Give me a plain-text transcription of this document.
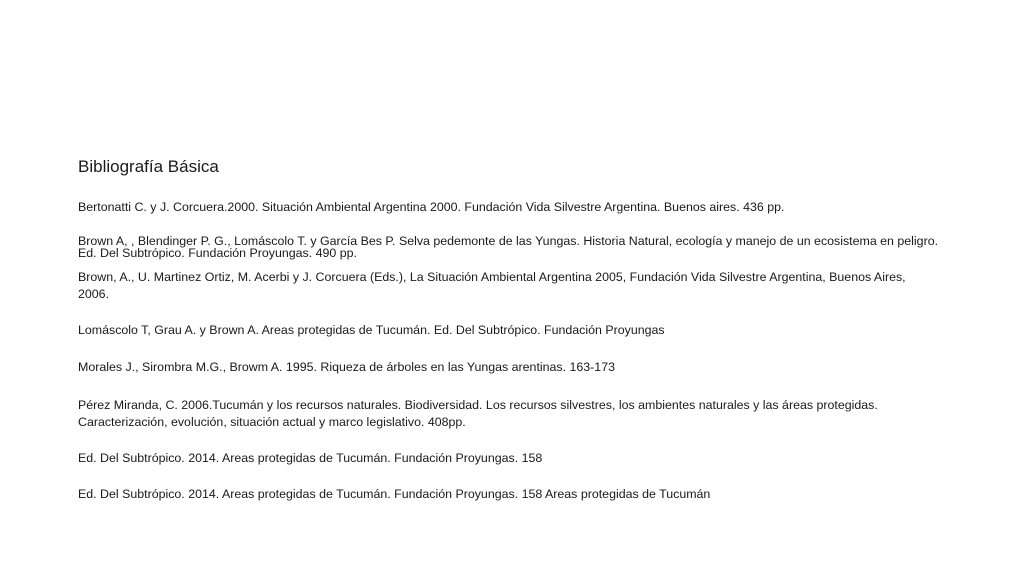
Bibliografía Básica
Bertonatti C. y J. Corcuera.2000. Situación Ambiental Argentina 2000. Fundación Vida Silvestre Argentina. Buenos aires. 436 pp.
Brown A, , Blendinger P. G., Lomáscolo T. y García Bes P. Selva pedemonte de las Yungas. Historia Natural, ecología y manejo de un ecosistema en peligro.
Ed. Del Subtrópico. Fundación Proyungas. 490 pp.
Brown, A., U. Martinez Ortiz, M. Acerbi y J. Corcuera (Eds.), La Situación Ambiental Argentina 2005, Fundación Vida Silvestre Argentina, Buenos Aires,
2006.
Lomáscolo T, Grau A. y Brown A. Areas protegidas de Tucumán. Ed. Del Subtrópico. Fundación Proyungas
Morales J., Sirombra M.G., Browm A. 1995. Riqueza de árboles en las Yungas arentinas. 163-173
Pérez Miranda, C. 2006.Tucumán y los recursos naturales. Biodiversidad. Los recursos silvestres, los ambientes naturales y las áreas protegidas.
Caracterización, evolución, situación actual y marco legislativo. 408pp.
Ed. Del Subtrópico. 2014. Areas protegidas de Tucumán. Fundación Proyungas. 158
Ed. Del Subtrópico. 2014. Areas protegidas de Tucumán. Fundación Proyungas. 158 Areas protegidas de Tucumán
